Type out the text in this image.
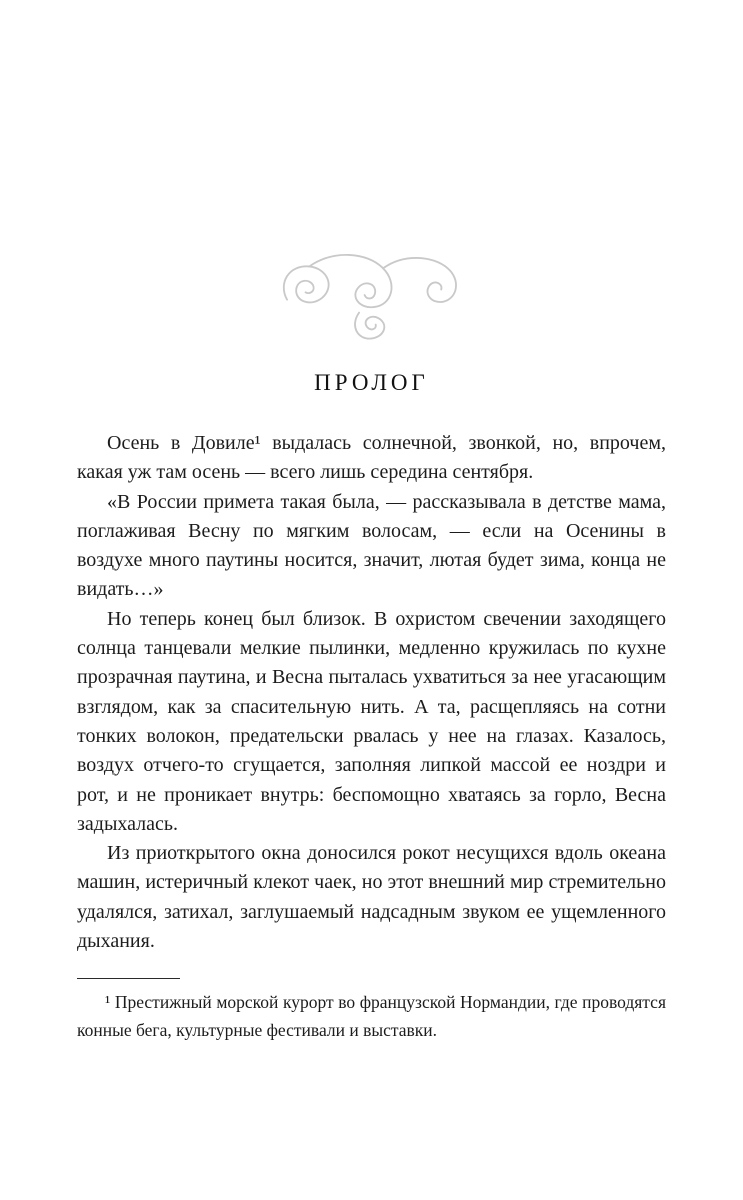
ПРОЛОГ

Осень в Довиле¹ выдалась солнечной, звонкой, но, впрочем, какая уж там осень — всего лишь середина сентября.

«В России примета такая была, — рассказывала в детстве мама, поглаживая Весну по мягким волосам, — если на Осенины в воздухе много паутины носится, значит, лютая будет зима, конца не видать…»

Но теперь конец был близок. В охристом свечении заходящего солнца танцевали мелкие пылинки, медленно кружилась по кухне прозрачная паутина, и Весна пыталась ухватиться за нее угасающим взглядом, как за спасительную нить. А та, расщепляясь на сотни тонких волокон, предательски рвалась у нее на глазах. Казалось, воздух отчего-то сгущается, заполняя липкой массой ее ноздри и рот, и не проникает внутрь: беспомощно хватаясь за горло, Весна задыхалась.

Из приоткрытого окна доносился рокот несущихся вдоль океана машин, истеричный клекот чаек, но этот внешний мир стремительно удалялся, затихал, заглушаемый надсадным звуком ее ущемленного дыхания.

¹ Престижный морской курорт во французской Нормандии, где проводятся конные бега, культурные фестивали и выставки.
